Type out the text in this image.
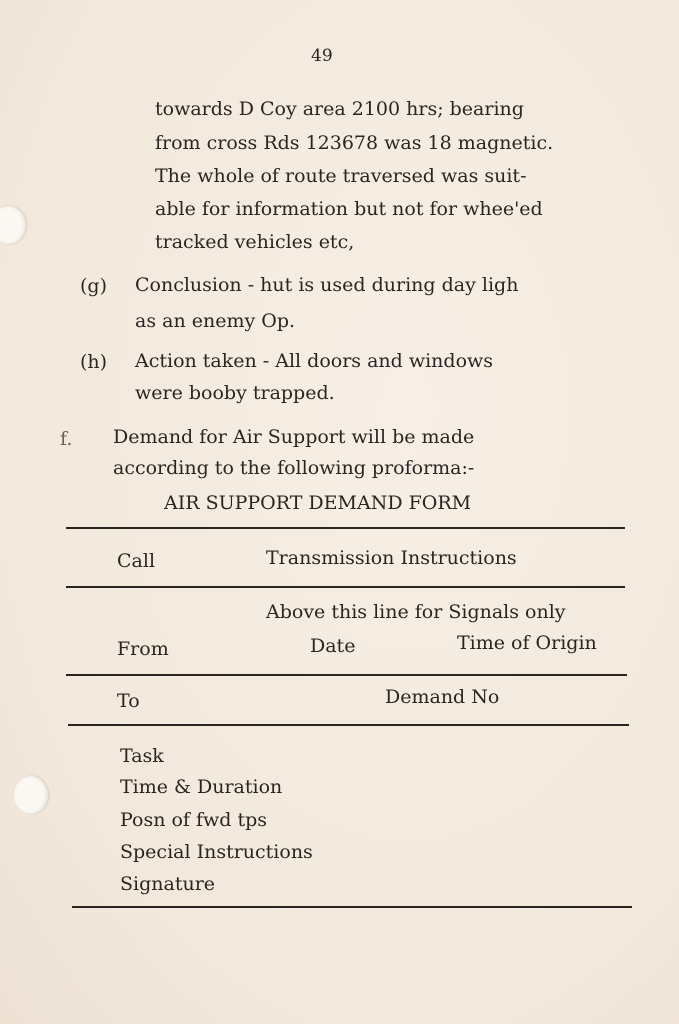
49
towards D Coy area 2100 hrs; bearing
from cross Rds 123678 was 18 magnetic.
The whole of route traversed was suit-
able for information but not for whee'ed
tracked vehicles etc,
(g) Conclusion - hut is used during day ligh
as an enemy Op.
(h) Action taken - All doors and windows
were booby trapped.
f. Demand for Air Support will be made
according to the following proforma:-
AIR SUPPORT DEMAND FORM
Call	Transmission Instructions
Above this line for Signals only
From	Date	Time of Origin
To	Demand No
Task
Time & Duration
Posn of fwd tps
Special Instructions
Signature
